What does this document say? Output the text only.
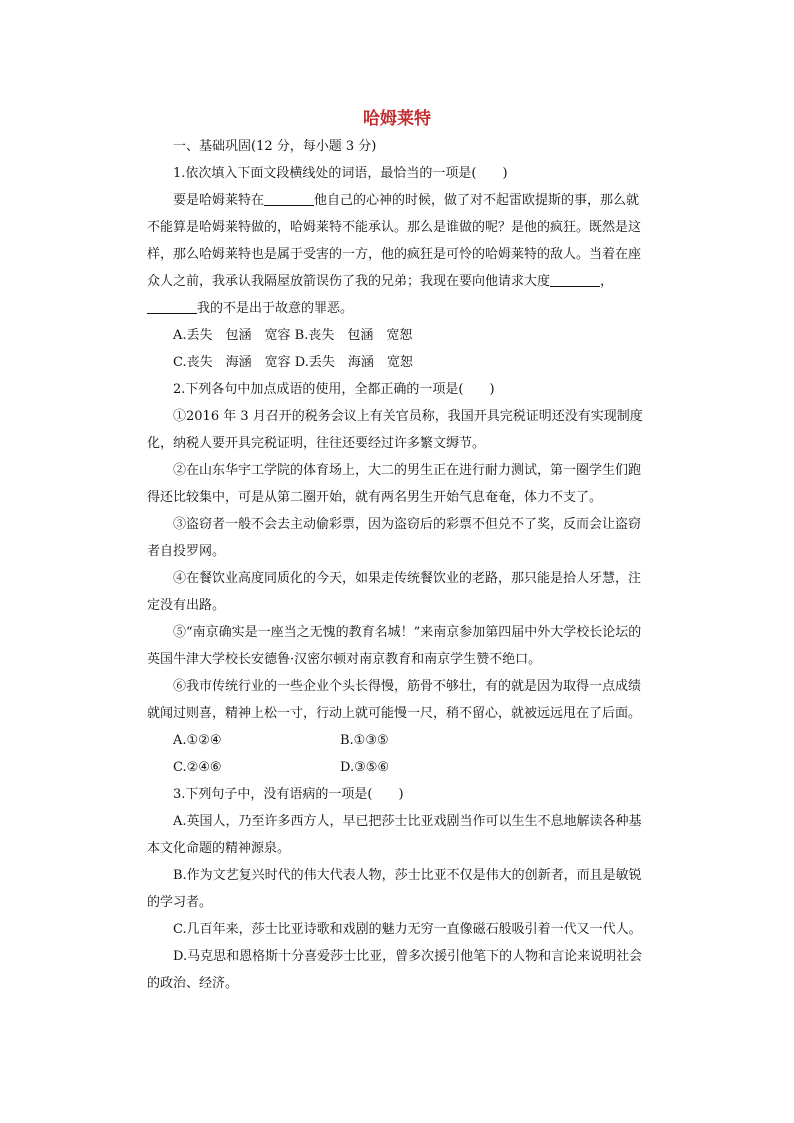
哈姆莱特

一、基础巩固(12 分，每小题 3 分)

1.依次填入下面文段横线处的词语，最恰当的一项是(　　)

要是哈姆莱特在	他自己的心神的时候，做了对不起雷欧提斯的事，那么就不能算是哈姆莱特做的，哈姆莱特不能承认。那么是谁做的呢？是他的疯狂。既然是这样，那么哈姆莱特也是属于受害的一方，他的疯狂是可怜的哈姆莱特的敌人。当着在座众人之前，我承认我隔屋放箭误伤了我的兄弟；我现在要向他请求大度	，我的不是出于故意的罪恶。

A.丢失　包涵　宽容 B.丧失　包涵　宽恕

C.丧失　海涵　宽容 D.丢失　海涵　宽恕

2.下列各句中加点成语的使用，全都正确的一项是(　　)

①2016 年 3 月召开的税务会议上有关官员称，我国开具完税证明还没有实现制度化，纳税人要开具完税证明，往往还要经过许多繁文缛节。

②在山东华宇工学院的体育场上，大二的男生正在进行耐力测试，第一圈学生们跑得还比较集中，可是从第二圈开始，就有两名男生开始气息奄奄，体力不支了。

③盗窃者一般不会去主动偷彩票，因为盗窃后的彩票不但兑不了奖，反而会让盗窃者自投罗网。

④在餐饮业高度同质化的今天，如果走传统餐饮业的老路，那只能是拾人牙慧，注定没有出路。

⑤“南京确实是一座当之无愧的教育名城！”来南京参加第四届中外大学校长论坛的英国牛津大学校长安德鲁·汉密尔顿对南京教育和南京学生赞不绝口。

⑥我市传统行业的一些企业个头长得慢，筋骨不够壮，有的就是因为取得一点成绩就闻过则喜，精神上松一寸，行动上就可能慢一尺，稍不留心，就被远远甩在了后面。

A.①②④	B.①③⑤
C.②④⑥	D.③⑤⑥

3.下列句子中，没有语病的一项是(　　)

A.英国人，乃至许多西方人，早已把莎士比亚戏剧当作可以生生不息地解读各种基本文化命题的精神源泉。

B.作为文艺复兴时代的伟大代表人物，莎士比亚不仅是伟大的创新者，而且是敏锐的学习者。

C.几百年来，莎士比亚诗歌和戏剧的魅力无穷一直像磁石般吸引着一代又一代人。

D.马克思和恩格斯十分喜爱莎士比亚，曾多次援引他笔下的人物和言论来说明社会的政治、经济。
